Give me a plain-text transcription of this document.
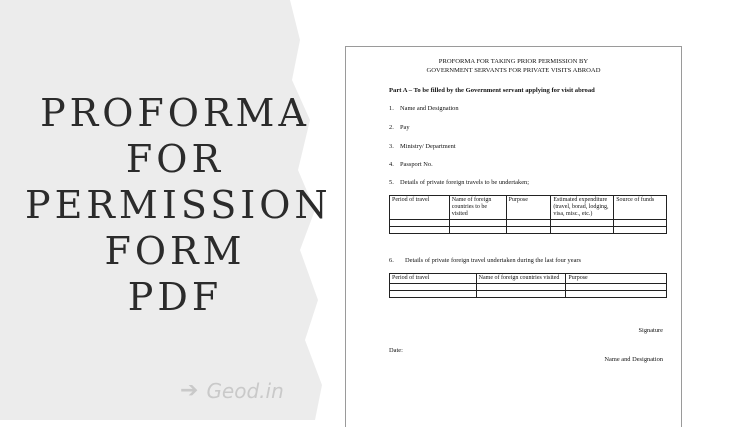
PROFORMA
FOR
PERMISSION
FORM
PDF
➔ Geod.in
PROFORMA FOR TAKING PRIOR PERMISSION BY
GOVERNMENT SERVANTS FOR PRIVATE VISITS ABROAD
Part A – To be filled by the Government servant applying for visit abroad
1. Name and Designation
2. Pay
3. Ministry/ Department
4. Passport No.
5. Details of private foreign travels to be undertaken;
Period of travel	Name of foreign countries to be visited	Purpose	Estimated expenditure (travel, borad, lodging, visa, misc., etc.)	Source of funds

6. Details of private foreign travel undertaken during the last four years
Period of travel	Name of foreign countries visited	Purpose

Signature
Date:
Name and Designation
